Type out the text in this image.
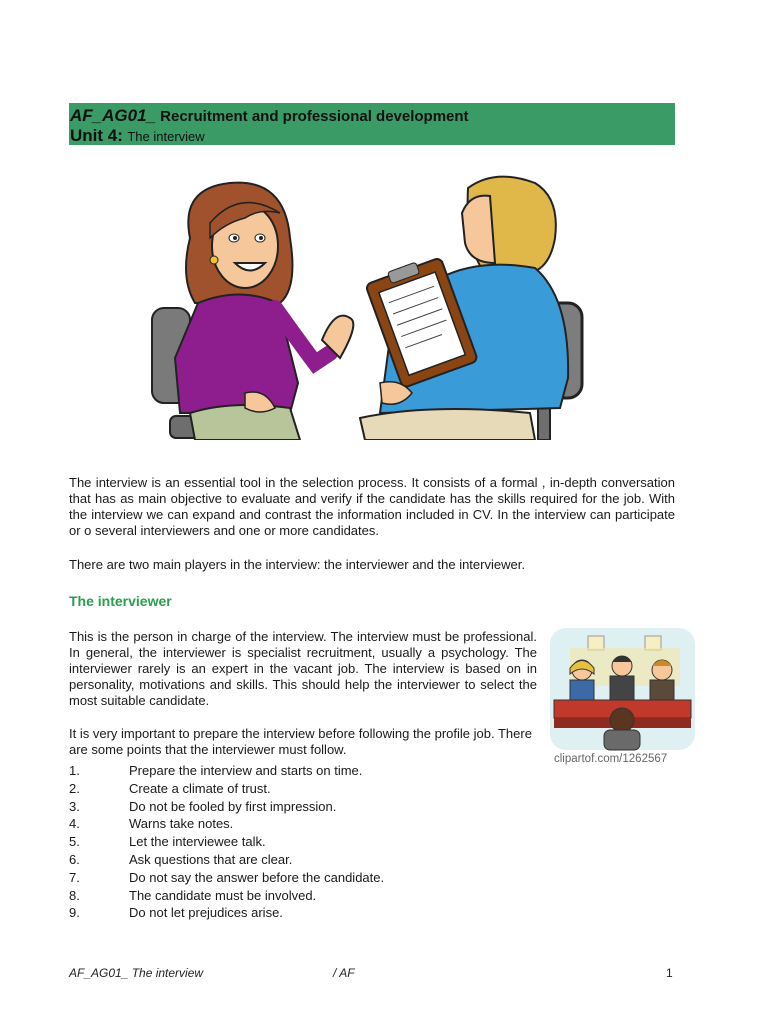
AF_AG01_ Recruitment and professional development
Unit 4: The interview

The interview is an essential tool in the selection process. It consists of a formal , in-depth conversation that has as main objective to evaluate and verify if the candidate has the skills required for the job. With the interview we can expand and contrast the information included in CV. In the interview can participate or o several interviewers and one or more candidates.

There are two main players in the interview: the interviewer and the interviewer.

The interviewer

This is the person in charge of the interview. The interview must be professional. In general, the interviewer is specialist recruitment, usually a psychology. The interviewer rarely is an expert in the vacant job. The interview is based on in personality, motivations and skills. This should help the interviewer to select the most suitable candidate.

clipartof.com/1262567

It is very important to prepare the interview before following the profile job. There are some points that the interviewer must follow.

1.	Prepare the interview and starts on time.
2.	Create a climate of trust.
3.	Do not be fooled by first impression.
4.	Warns take notes.
5.	Let the interviewee talk.
6.	Ask questions that are clear.
7.	Do not say the answer before the candidate.
8.	The candidate must be involved.
9.	Do not let prejudices arise.
AF_AG01_ The interview	/ AF	1
